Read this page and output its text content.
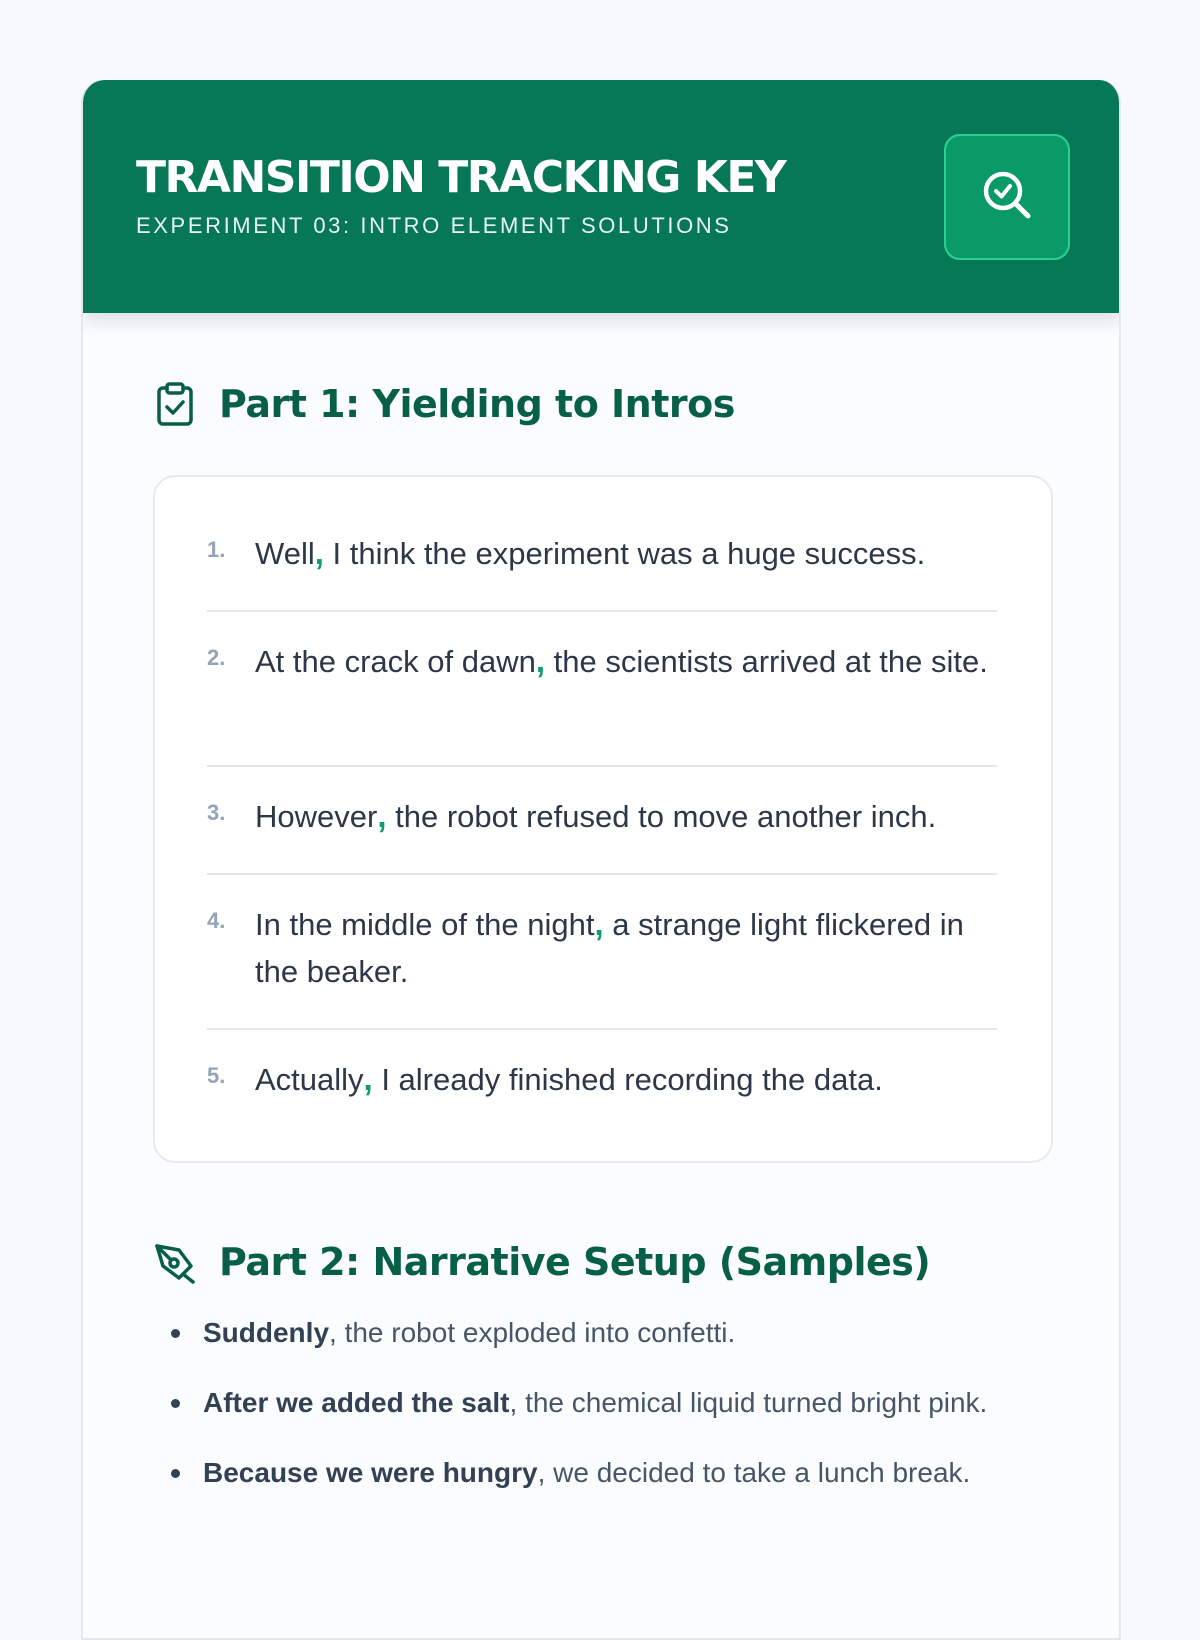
TRANSITION TRACKING KEY
EXPERIMENT 03: INTRO ELEMENT SOLUTIONS
Part 1: Yielding to Intros
1. Well, I think the experiment was a huge success.
2. At the crack of dawn, the scientists arrived at the site.
3. However, the robot refused to move another inch.
4. In the middle of the night, a strange light flickered in the beaker.
5. Actually, I already finished recording the data.
Part 2: Narrative Setup (Samples)
Suddenly, the robot exploded into confetti.
After we added the salt, the chemical liquid turned bright pink.
Because we were hungry, we decided to take a lunch break.
